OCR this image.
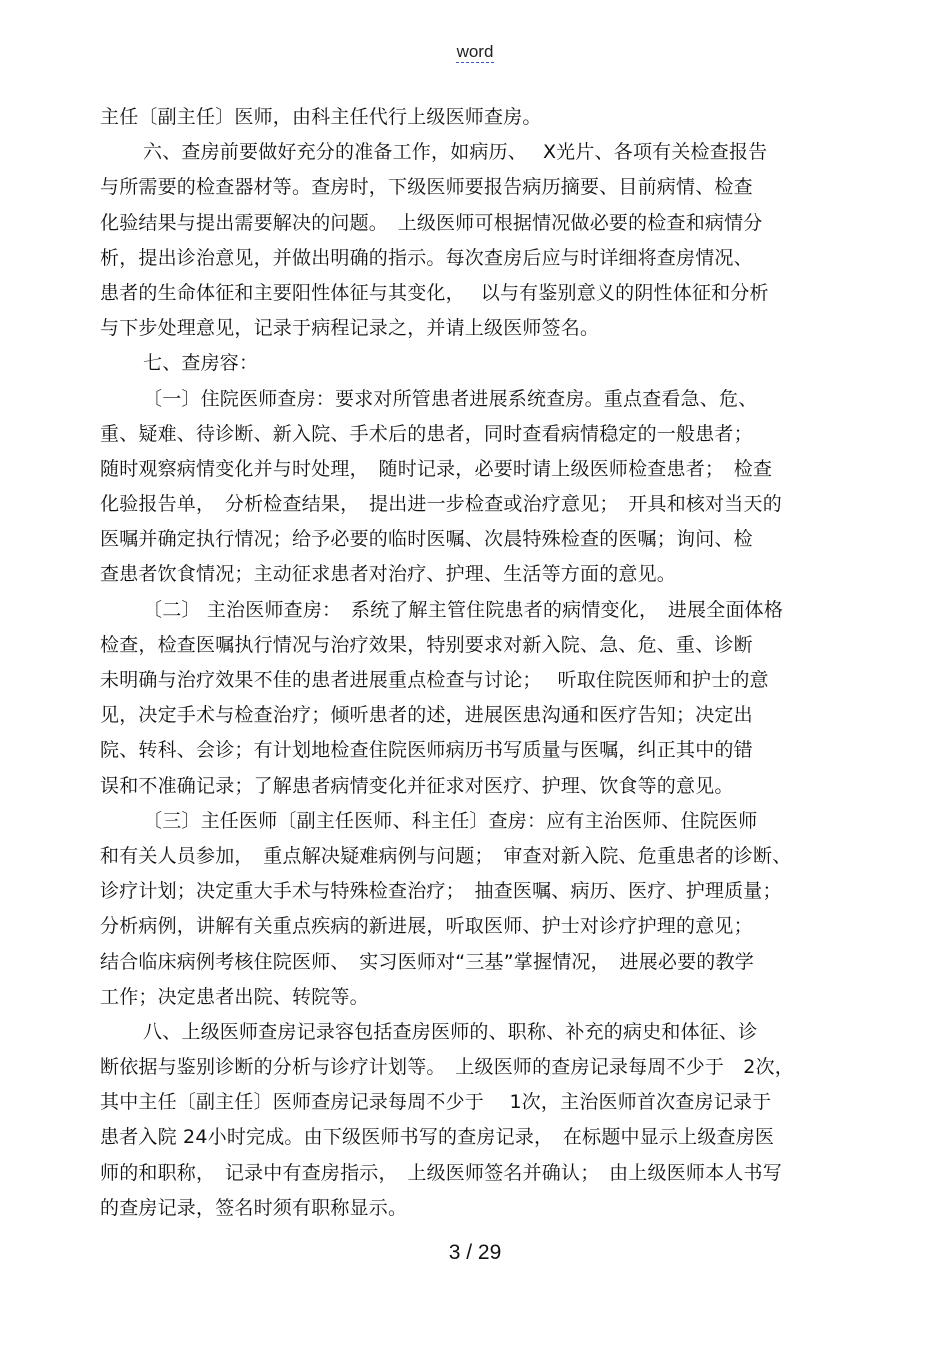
word
主任〔副主任〕医师，由科主任代行上级医师查房。
六、查房前要做好充分的准备工作，如病历、　 X光片、各项有关检查报告
与所需要的检查器材等。查房时，下级医师要报告病历摘要、目前病情、检查
化验结果与提出需要解决的问题。　上级医师可根据情况做必要的检查和病情分
析，提出诊治意见，并做出明确的指示。每次查房后应与时详细将查房情况、
患者的生命体征和主要阳性体征与其变化，　 以与有鉴别意义的阴性体征和分析
与下步处理意见，记录于病程记录之，并请上级医师签名。
七、查房容：
〔一〕住院医师查房：要求对所管患者进展系统查房。重点查看急、危、
重、疑难、待诊断、新入院、手术后的患者，同时查看病情稳定的一般患者；
随时观察病情变化并与时处理，　随时记录，必要时请上级医师检查患者；　检查
化验报告单，　分析检查结果，　提出进一步检查或治疗意见；　开具和核对当天的
医嘱并确定执行情况；给予必要的临时医嘱、次晨特殊检查的医嘱；询问、检
查患者饮食情况；主动征求患者对治疗、护理、生活等方面的意见。
〔二〕 主治医师查房：　系统了解主管住院患者的病情变化，　进展全面体格
检查，检查医嘱执行情况与治疗效果，特别要求对新入院、急、危、重、诊断
未明确与治疗效果不佳的患者进展重点检查与讨论；　 听取住院医师和护士的意
见，决定手术与检查治疗；倾听患者的述，进展医患沟通和医疗告知；决定出
院、转科、会诊；有计划地检查住院医师病历书写质量与医嘱，纠正其中的错
误和不准确记录；了解患者病情变化并征求对医疗、护理、饮食等的意见。
〔三〕主任医师〔副主任医师、科主任〕查房：应有主治医师、住院医师
和有关人员参加，　重点解决疑难病例与问题；　审查对新入院、危重患者的诊断、
诊疗计划；决定重大手术与特殊检查治疗；　抽查医嘱、病历、医疗、护理质量；
分析病例，讲解有关重点疾病的新进展，听取医师、护士对诊疗护理的意见；
结合临床病例考核住院医师、　实习医师对“三基”掌握情况，　进展必要的教学
工作；决定患者出院、转院等。
八、上级医师查房记录容包括查房医师的、职称、补充的病史和体征、诊
断依据与鉴别诊断的分析与诊疗计划等。　上级医师的查房记录每周不少于　2次，
其中主任〔副主任〕医师查房记录每周不少于　 1次，主治医师首次查房记录于
患者入院 24小时完成。由下级医师书写的查房记录，　在标题中显示上级查房医
师的和职称，　记录中有查房指示，　上级医师签名并确认；　由上级医师本人书写
的查房记录，签名时须有职称显示。
3 / 29
